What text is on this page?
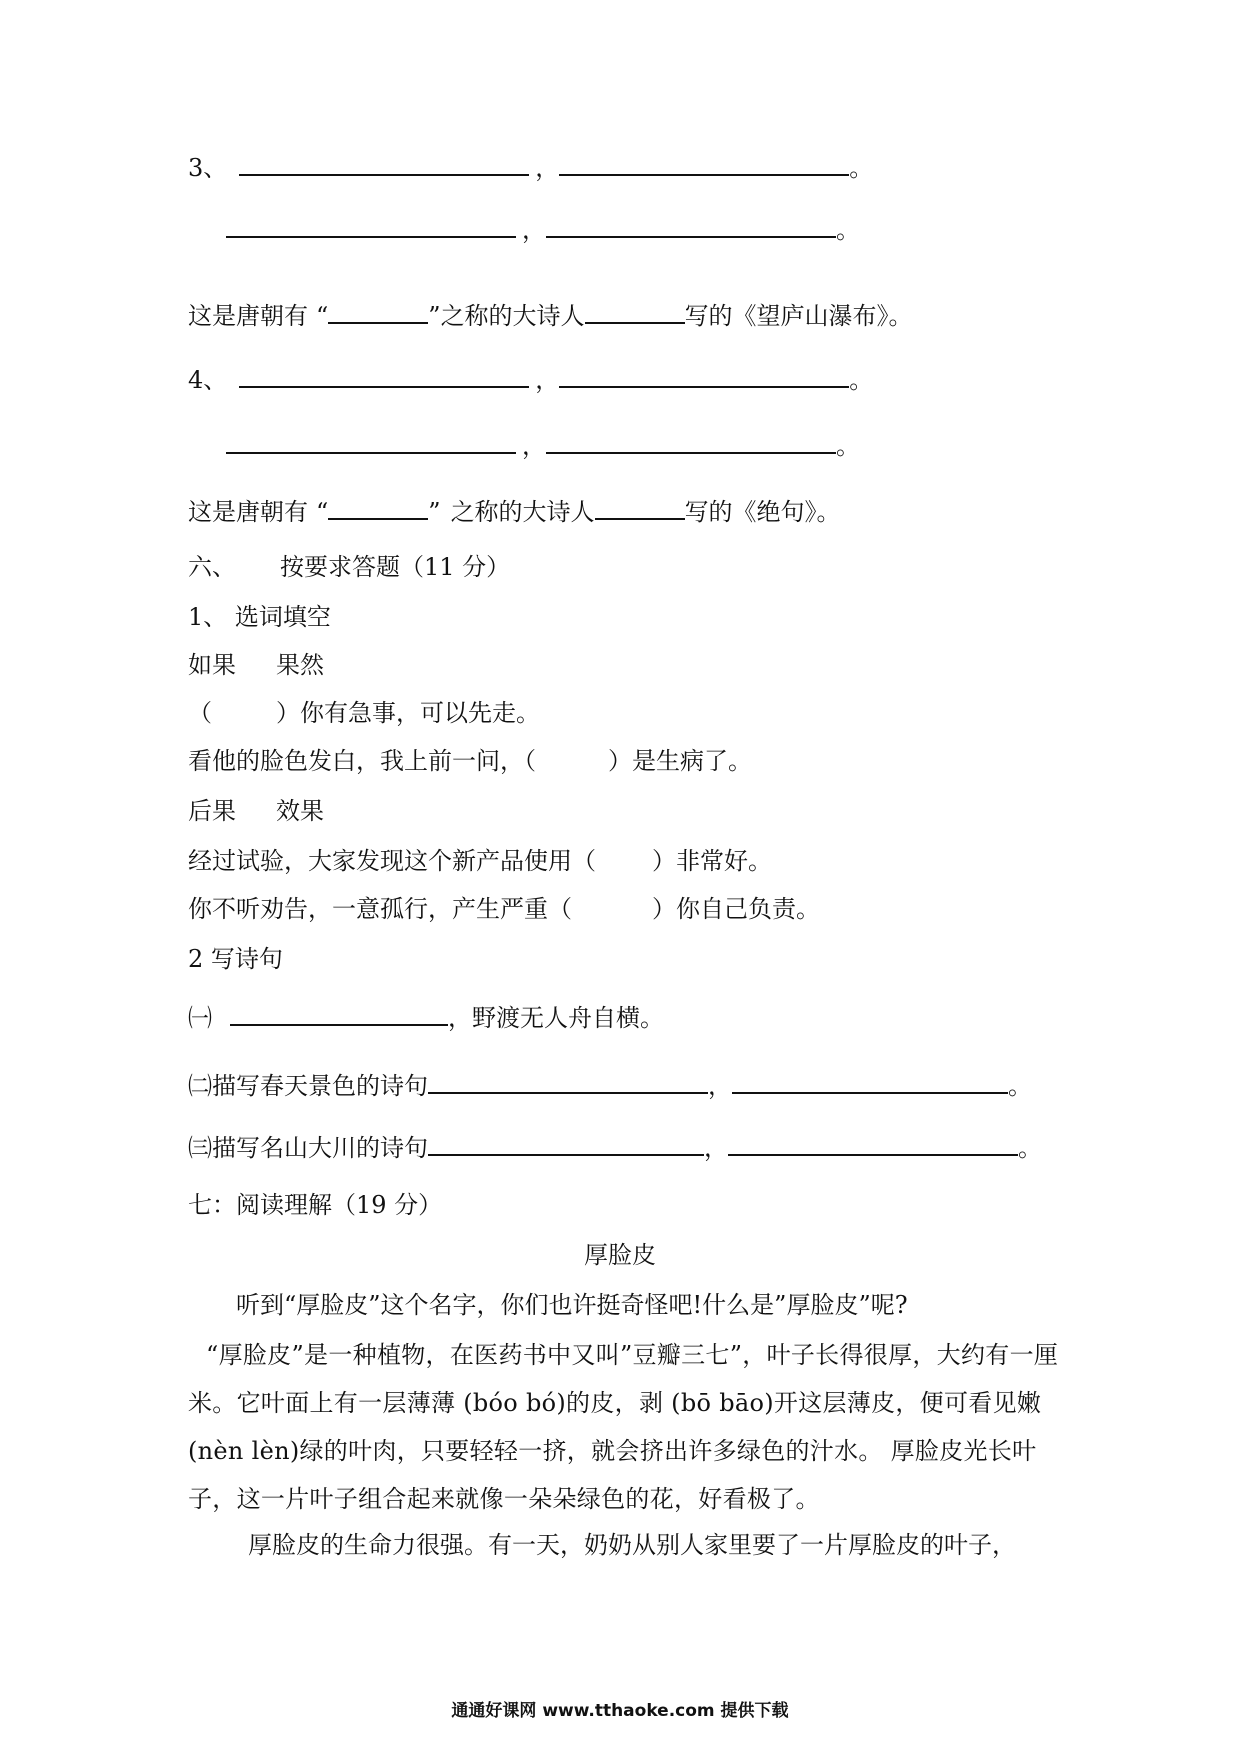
3、	，	。
，	。
这是唐朝有 “	”之称的大诗人	写的《望庐山瀑布》。
4、	，	。
，	。
这是唐朝有 “	” 之称的大诗人	写的《绝句》。
六、 按要求答题（11 分）
1、 选词填空
如果 果然
（	）你有急事，可以先走。
看他的脸色发白，我上前一问，（	）是生病了。
后果 效果
经过试验，大家发现这个新产品使用（ ）非常好。
你不听劝告，一意孤行，产生严重（	）你自己负责。
2 写诗句
㈠	，野渡无人舟自横。
㈡描写春天景色的诗句	，	。
㈢描写名山大川的诗句	，	。
七：阅读理解（19 分）
厚脸皮
听到“厚脸皮”这个名字，你们也许挺奇怪吧!什么是”厚脸皮”呢?
“厚脸皮”是一种植物，在医药书中又叫”豆瓣三七”，叶子长得很厚，大约有一厘米。它叶面上有一层薄薄 (bóo bó)的皮，剥 (bō bāo)开这层薄皮，便可看见嫩(nèn lèn)绿的叶肉，只要轻轻一挤，就会挤出许多绿色的汁水。 厚脸皮光长叶子，这一片叶子组合起来就像一朵朵绿色的花，好看极了。
厚脸皮的生命力很强。有一天，奶奶从别人家里要了一片厚脸皮的叶子，
通通好课网 www.tthaoke.com 提供下载
